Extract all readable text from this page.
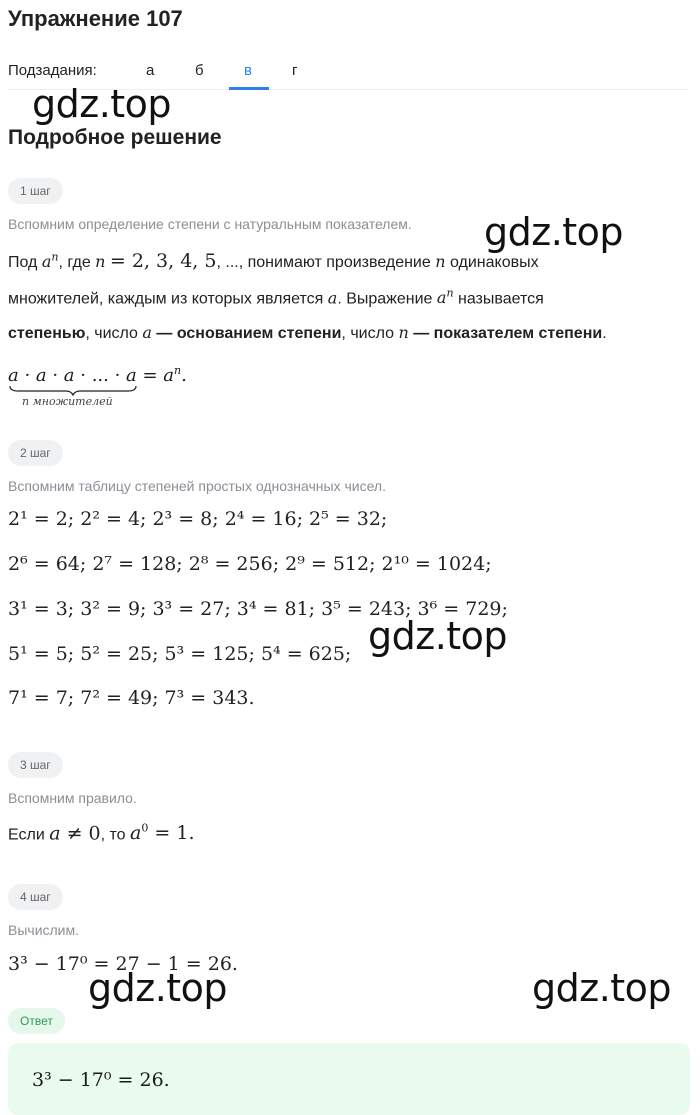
Упражнение 107
Подзадания:	а	б	в	г
gdz.top
gdz.top
gdz.top
gdz.top	gdz.top
Подробное решение
1 шаг
Вспомним определение степени с натуральным показателем.
Под $a^n$, где n = 2, 3, 4, 5, ..., понимают произведение n одинаковых
множителей, каждым из которых является a. Выражение $a^n$ называется
степенью, число a — основанием степени, число n — показателем степени.
a · a · a · ... · $a = a^n$.
n множителей
2 шаг
Вспомним таблицу степеней простых однозначных чисел.
2¹ = 2; 2² = 4; 2³ = 8; 2⁴ = 16; 2⁵ = 32;
2⁶ = 64; 2⁷ = 128; 2⁸ = 256; 2⁹ = 512; 2¹⁰ = 1024;
3¹ = 3; 3² = 9; 3³ = 27; 3⁴ = 81; 3⁵ = 243; 3⁶ = 729;
5¹ = 5; 5² = 25; 5³ = 125; 5⁴ = 625;
7¹ = 7; 7² = 49; 7³ = 343.
3 шаг
Вспомним правило.
Если a ≠ 0, то $a^0 = 1$.
4 шаг
Вычислим.
3³ − 17⁰ = 27 − 1 = 26.
Ответ
3³ − 17⁰ = 26.
